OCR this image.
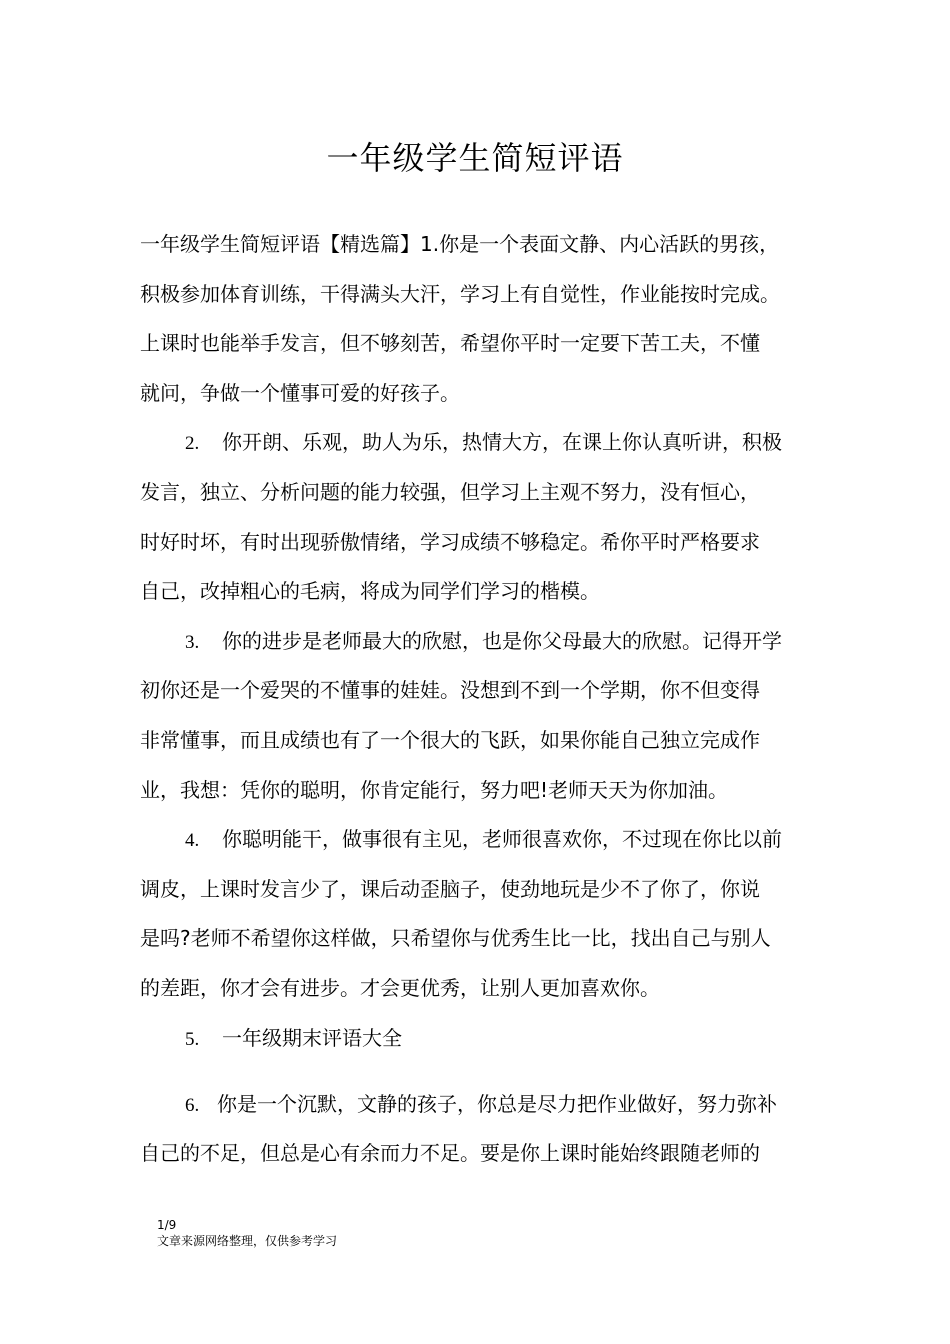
一年级学生简短评语
一年级学生简短评语【精选篇】1.你是一个表面文静、内心活跃的男孩，
积极参加体育训练，干得满头大汗，学习上有自觉性，作业能按时完成。
上课时也能举手发言，但不够刻苦，希望你平时一定要下苦工夫，不懂
就问，争做一个懂事可爱的好孩子。
2. 你开朗、乐观，助人为乐，热情大方，在课上你认真听讲，积极
发言，独立、分析问题的能力较强，但学习上主观不努力，没有恒心，
时好时坏，有时出现骄傲情绪，学习成绩不够稳定。希你平时严格要求
自己，改掉粗心的毛病，将成为同学们学习的楷模。
3. 你的进步是老师最大的欣慰，也是你父母最大的欣慰。记得开学
初你还是一个爱哭的不懂事的娃娃。没想到不到一个学期，你不但变得
非常懂事，而且成绩也有了一个很大的飞跃，如果你能自己独立完成作
业，我想：凭你的聪明，你肯定能行，努力吧!老师天天为你加油。
4. 你聪明能干，做事很有主见，老师很喜欢你，不过现在你比以前
调皮，上课时发言少了，课后动歪脑子，使劲地玩是少不了你了，你说
是吗?老师不希望你这样做，只希望你与优秀生比一比，找出自己与别人
的差距，你才会有进步。才会更优秀，让别人更加喜欢你。
5. 一年级期末评语大全
6. 你是一个沉默，文静的孩子，你总是尽力把作业做好，努力弥补
自己的不足，但总是心有余而力不足。要是你上课时能始终跟随老师的
1/9
文章来源网络整理，仅供参考学习
